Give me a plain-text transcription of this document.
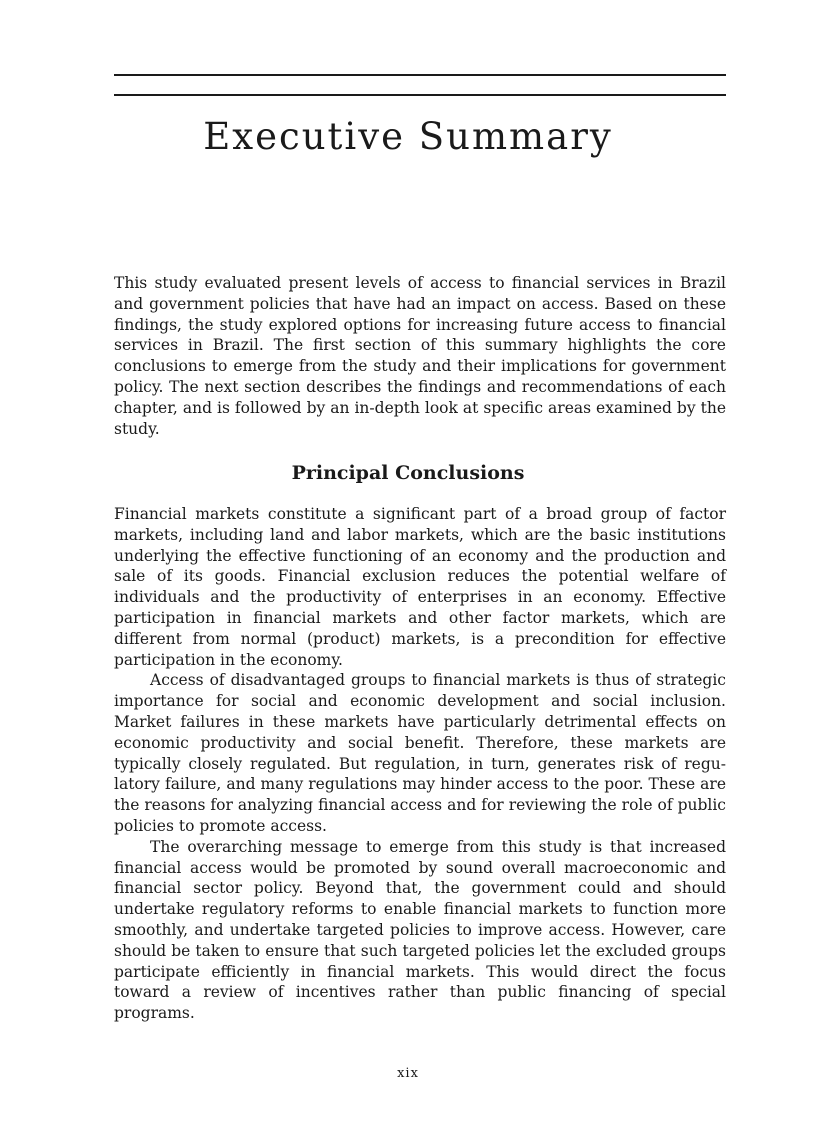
Executive Summary

This study evaluated present levels of access to financial services in Brazil and government policies that have had an impact on access. Based on these findings, the study explored options for increasing future access to financial services in Brazil. The first section of this summary highlights the core conclusions to emerge from the study and their implications for government policy. The next section describes the findings and recommendations of each chapter, and is followed by an in-depth look at specific areas examined by the study.

Principal Conclusions

Financial markets constitute a significant part of a broad group of factor markets, including land and labor markets, which are the basic institutions underlying the effective functioning of an economy and the production and sale of its goods. Financial exclusion reduces the potential welfare of individuals and the productivity of enterprises in an economy. Effective participation in financial markets and other factor markets, which are different from normal (product) markets, is a precondition for effective participation in the economy.

Access of disadvantaged groups to financial markets is thus of strategic importance for social and economic development and social inclusion. Market failures in these markets have particularly detrimental effects on economic productivity and social benefit. Therefore, these markets are typically closely regulated. But regulation, in turn, generates risk of regulatory failure, and many regulations may hinder access to the poor. These are the reasons for analyzing financial access and for reviewing the role of public policies to promote access.

The overarching message to emerge from this study is that increased financial access would be promoted by sound overall macroeconomic and financial sector policy. Beyond that, the government could and should undertake regulatory reforms to enable financial markets to function more smoothly, and undertake targeted policies to improve access. However, care should be taken to ensure that such targeted policies let the excluded groups participate efficiently in financial markets. This would direct the focus toward a review of incentives rather than public financing of special programs.

xix
